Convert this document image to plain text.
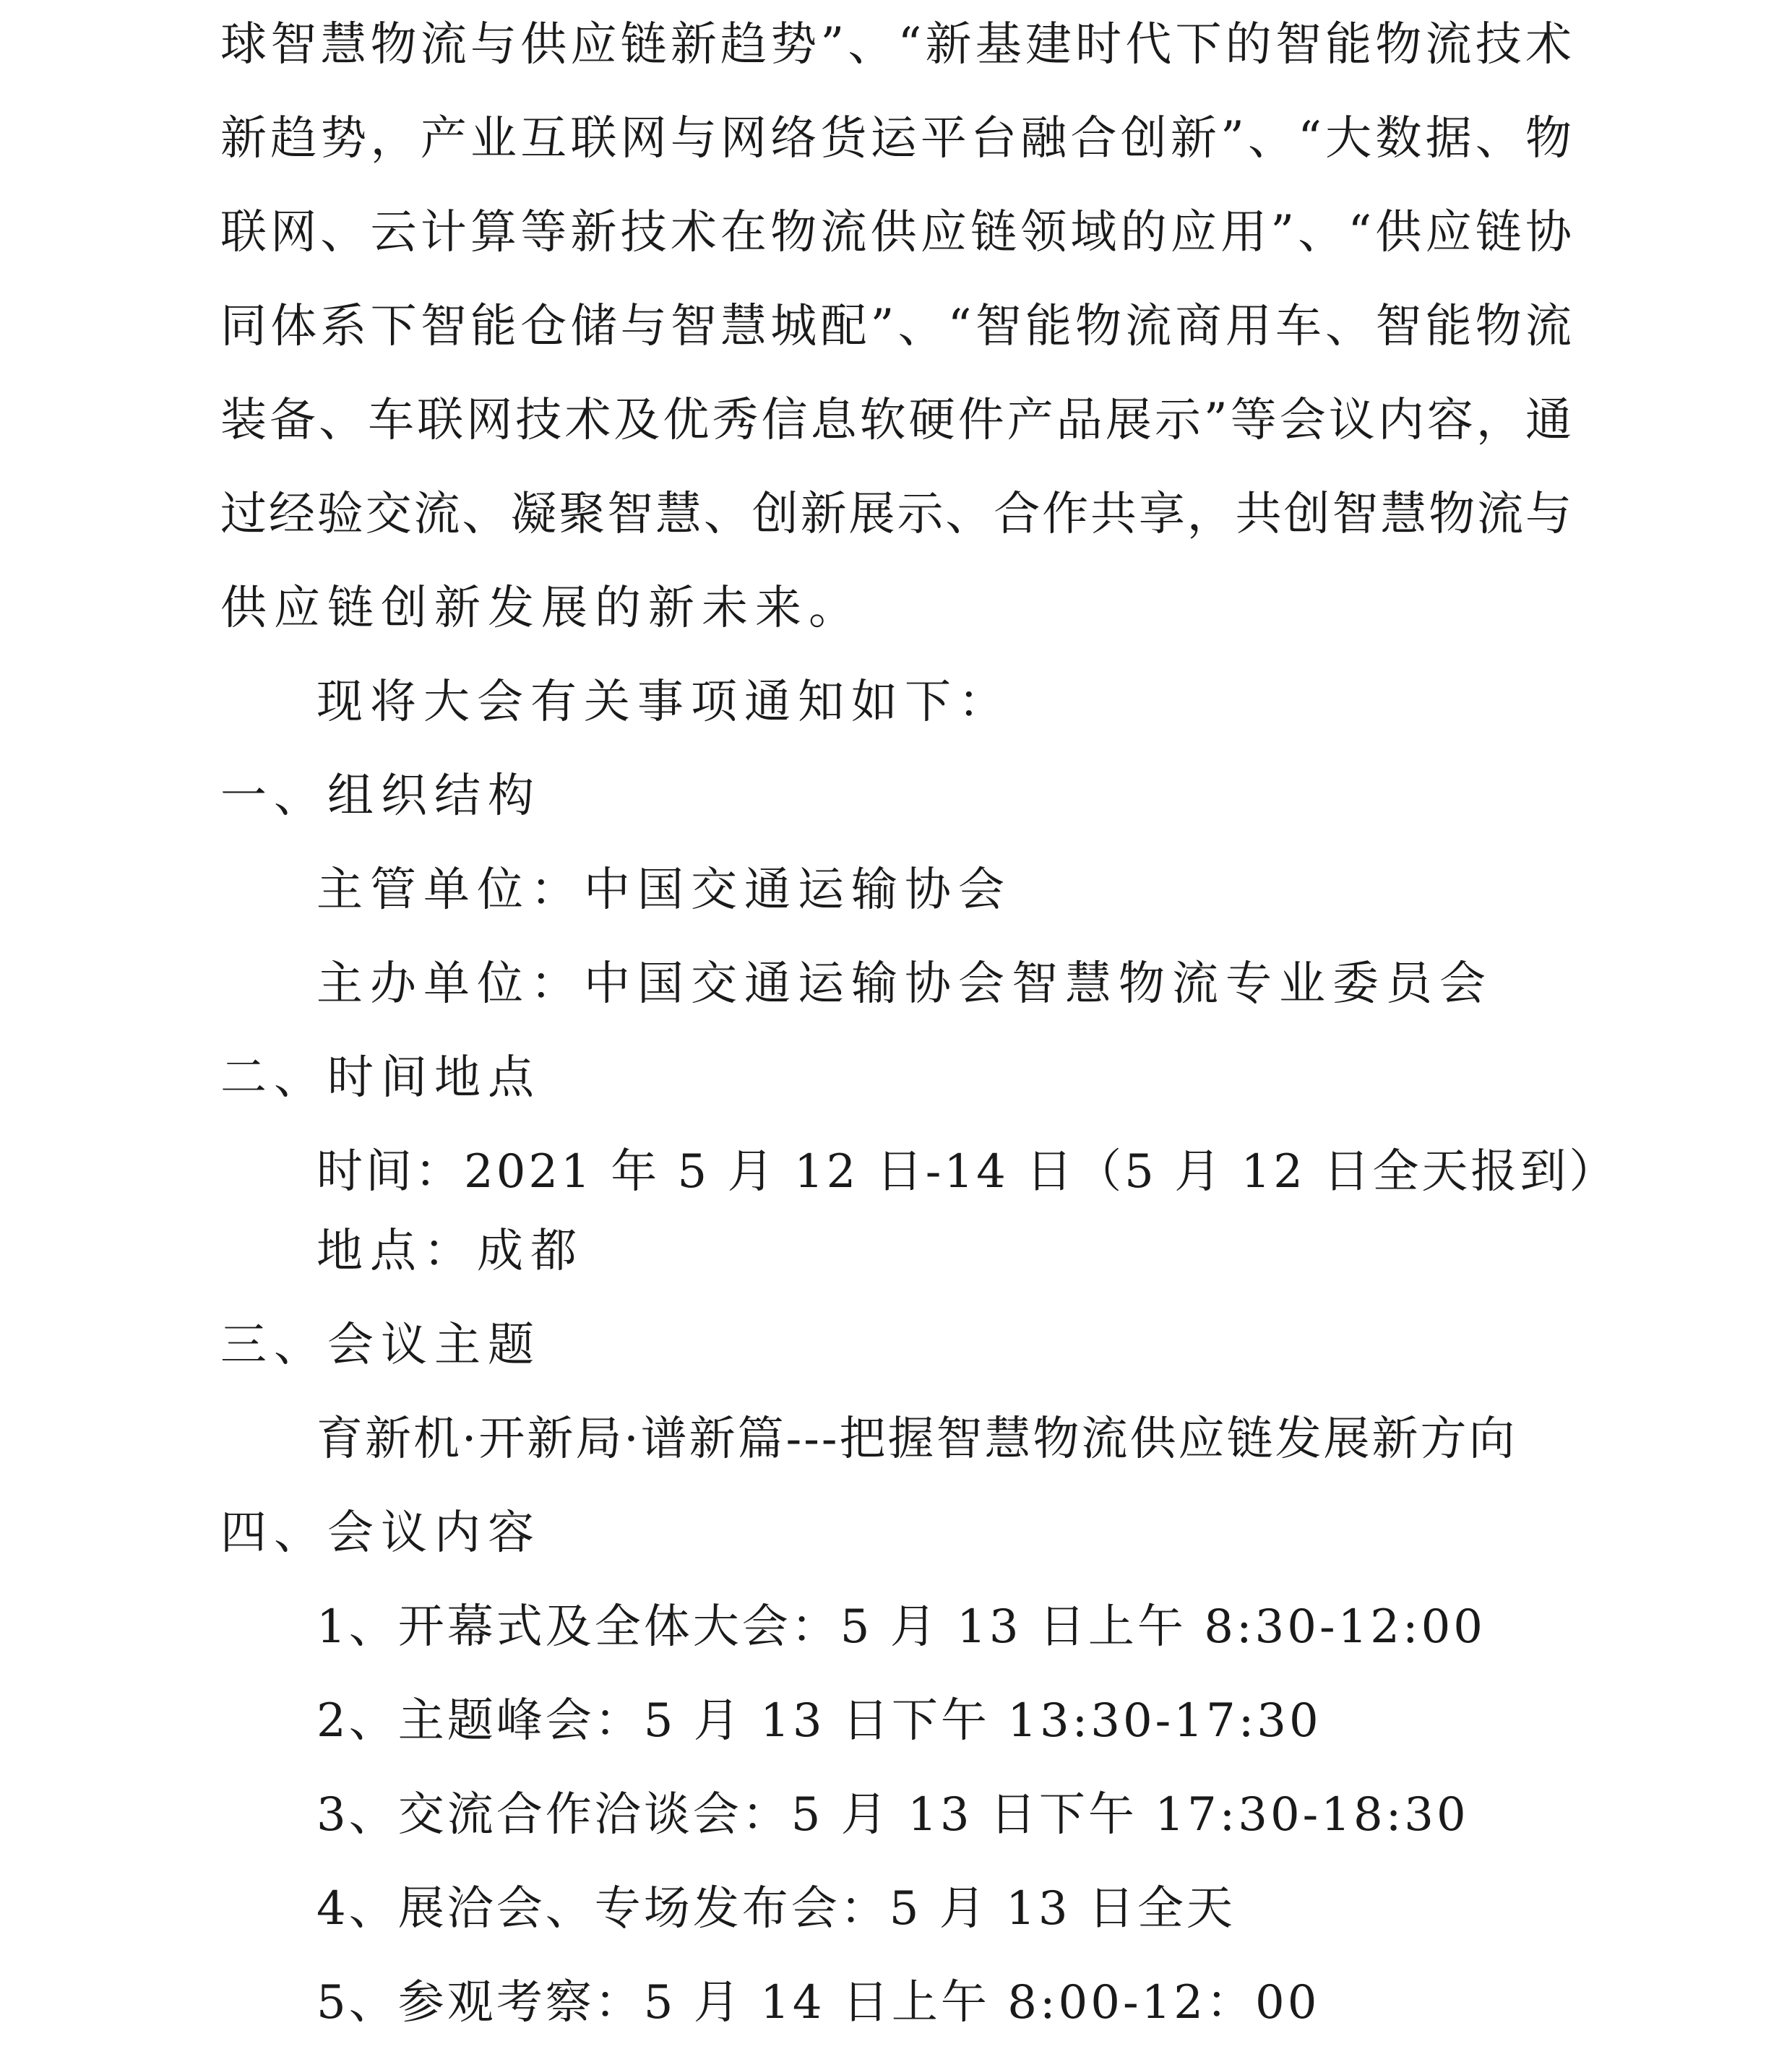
球智慧物流与供应链新趋势”、“新基建时代下的智能物流技术
新趋势，产业互联网与网络货运平台融合创新”、“大数据、物
联网、云计算等新技术在物流供应链领域的应用”、“供应链协
同体系下智能仓储与智慧城配”、“智能物流商用车、智能物流
装备、车联网技术及优秀信息软硬件产品展示”等会议内容，通
过经验交流、凝聚智慧、创新展示、合作共享，共创智慧物流与
供应链创新发展的新未来。
现将大会有关事项通知如下：
一、组织结构
主管单位：中国交通运输协会
主办单位：中国交通运输协会智慧物流专业委员会
二、时间地点
时间：2021 年 5 月 12 日-14 日（5 月 12 日全天报到）
地点：成都
三、会议主题
育新机·开新局·谱新篇---把握智慧物流供应链发展新方向
四、会议内容
1、开幕式及全体大会：5 月 13 日上午 8:30-12:00
2、主题峰会：5 月 13 日下午 13:30-17:30
3、交流合作洽谈会：5 月 13 日下午 17:30-18:30
4、展洽会、专场发布会：5 月 13 日全天
5、参观考察：5 月 14 日上午 8:00-12：00
